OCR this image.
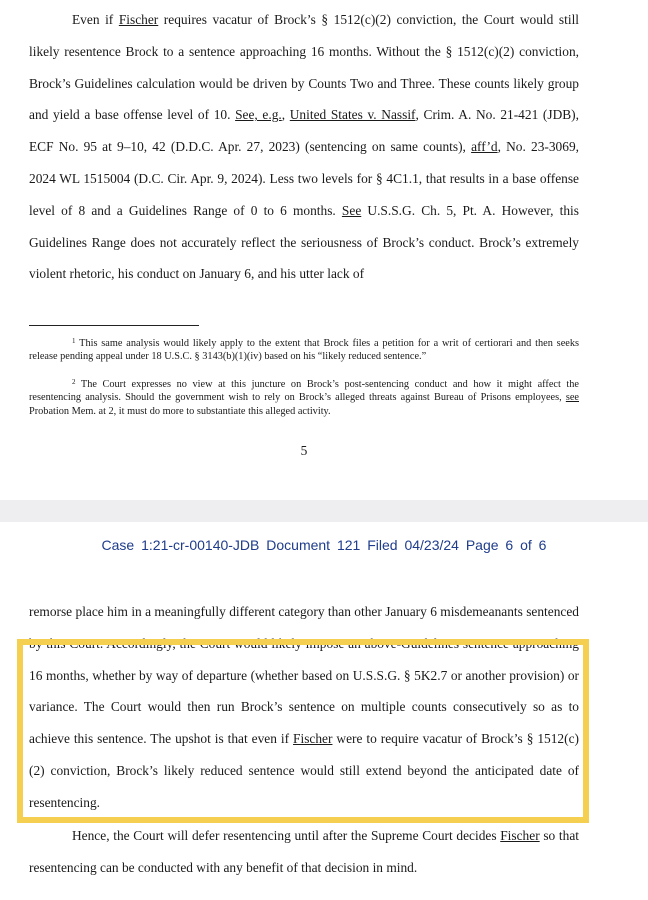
Even if Fischer requires vacatur of Brock’s § 1512(c)(2) conviction, the Court would still likely resentence Brock to a sentence approaching 16 months. Without the § 1512(c)(2) conviction, Brock’s Guidelines calculation would be driven by Counts Two and Three. These counts likely group and yield a base offense level of 10. See, e.g., United States v. Nassif, Crim. A. No. 21-421 (JDB), ECF No. 95 at 9–10, 42 (D.D.C. Apr. 27, 2023) (sentencing on same counts), aff’d, No. 23-3069, 2024 WL 1515004 (D.C. Cir. Apr. 9, 2024). Less two levels for § 4C1.1, that results in a base offense level of 8 and a Guidelines Range of 0 to 6 months. See U.S.S.G. Ch. 5, Pt. A. However, this Guidelines Range does not accurately reflect the seriousness of Brock’s conduct. Brock’s extremely violent rhetoric, his conduct on January 6, and his utter lack of

$^1$ This same analysis would likely apply to the extent that Brock files a petition for a writ of certiorari and then seeks release pending appeal under 18 U.S.C. § 3143(b)(1)(iv) based on his “likely reduced sentence.”

$^2$ The Court expresses no view at this juncture on Brock’s post-sentencing conduct and how it might affect the resentencing analysis. Should the government wish to rely on Brock’s alleged threats against Bureau of Prisons employees, see Probation Mem. at 2, it must do more to substantiate this alleged activity.

5
Case 1:21-cr-00140-JDB Document 121 Filed 04/23/24 Page 6 of 6

remorse place him in a meaningfully different category than other January 6 misdemeanants sentenced by this Court. Accordingly, the Court would likely impose an above-Guidelines sentence approaching 16 months, whether by way of departure (whether based on U.S.S.G. § 5K2.7 or another provision) or variance. The Court would then run Brock’s sentence on multiple counts consecutively so as to achieve this sentence. The upshot is that even if Fischer were to require vacatur of Brock’s § 1512(c)(2) conviction, Brock’s likely reduced sentence would still extend beyond the anticipated date of resentencing.

Hence, the Court will defer resentencing until after the Supreme Court decides Fischer so that resentencing can be conducted with any benefit of that decision in mind.
